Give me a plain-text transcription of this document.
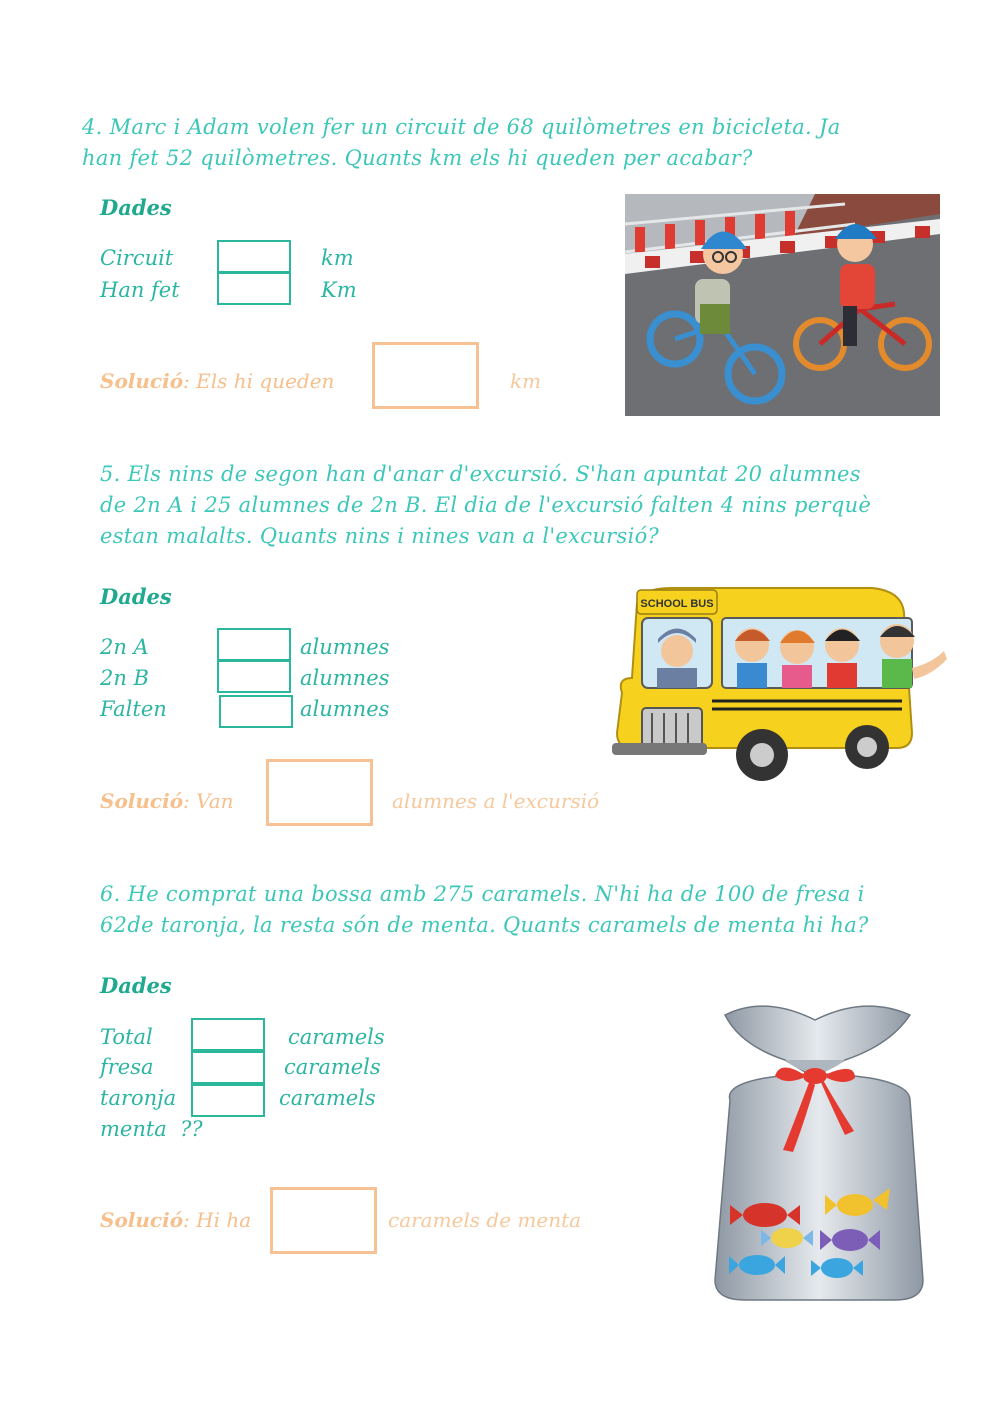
4. Marc i Adam volen fer un circuit de 68 quilòmetres en bicicleta. Ja
han fet 52 quilòmetres. Quants km els hi queden per acabar?
Dades
Circuit	km
Han fet	Km
Solució: Els hi queden	km
5. Els nins de segon han d'anar d'excursió. S'han apuntat 20 alumnes
de 2n A i 25 alumnes de 2n B. El dia de l'excursió falten 4 nins perquè
estan malalts. Quants nins i nines van a l'excursió?
Dades
2n A	alumnes
2n B	alumnes
Falten	alumnes
Solució: Van	alumnes a l'excursió
SCHOOL BUS
6. He comprat una bossa amb 275 caramels. N'hi ha de 100 de fresa i
62de taronja, la resta són de menta. Quants caramels de menta hi ha?
Dades
Total	caramels
fresa	caramels
taronja	caramels
menta  ??
Solució: Hi ha	caramels de menta
